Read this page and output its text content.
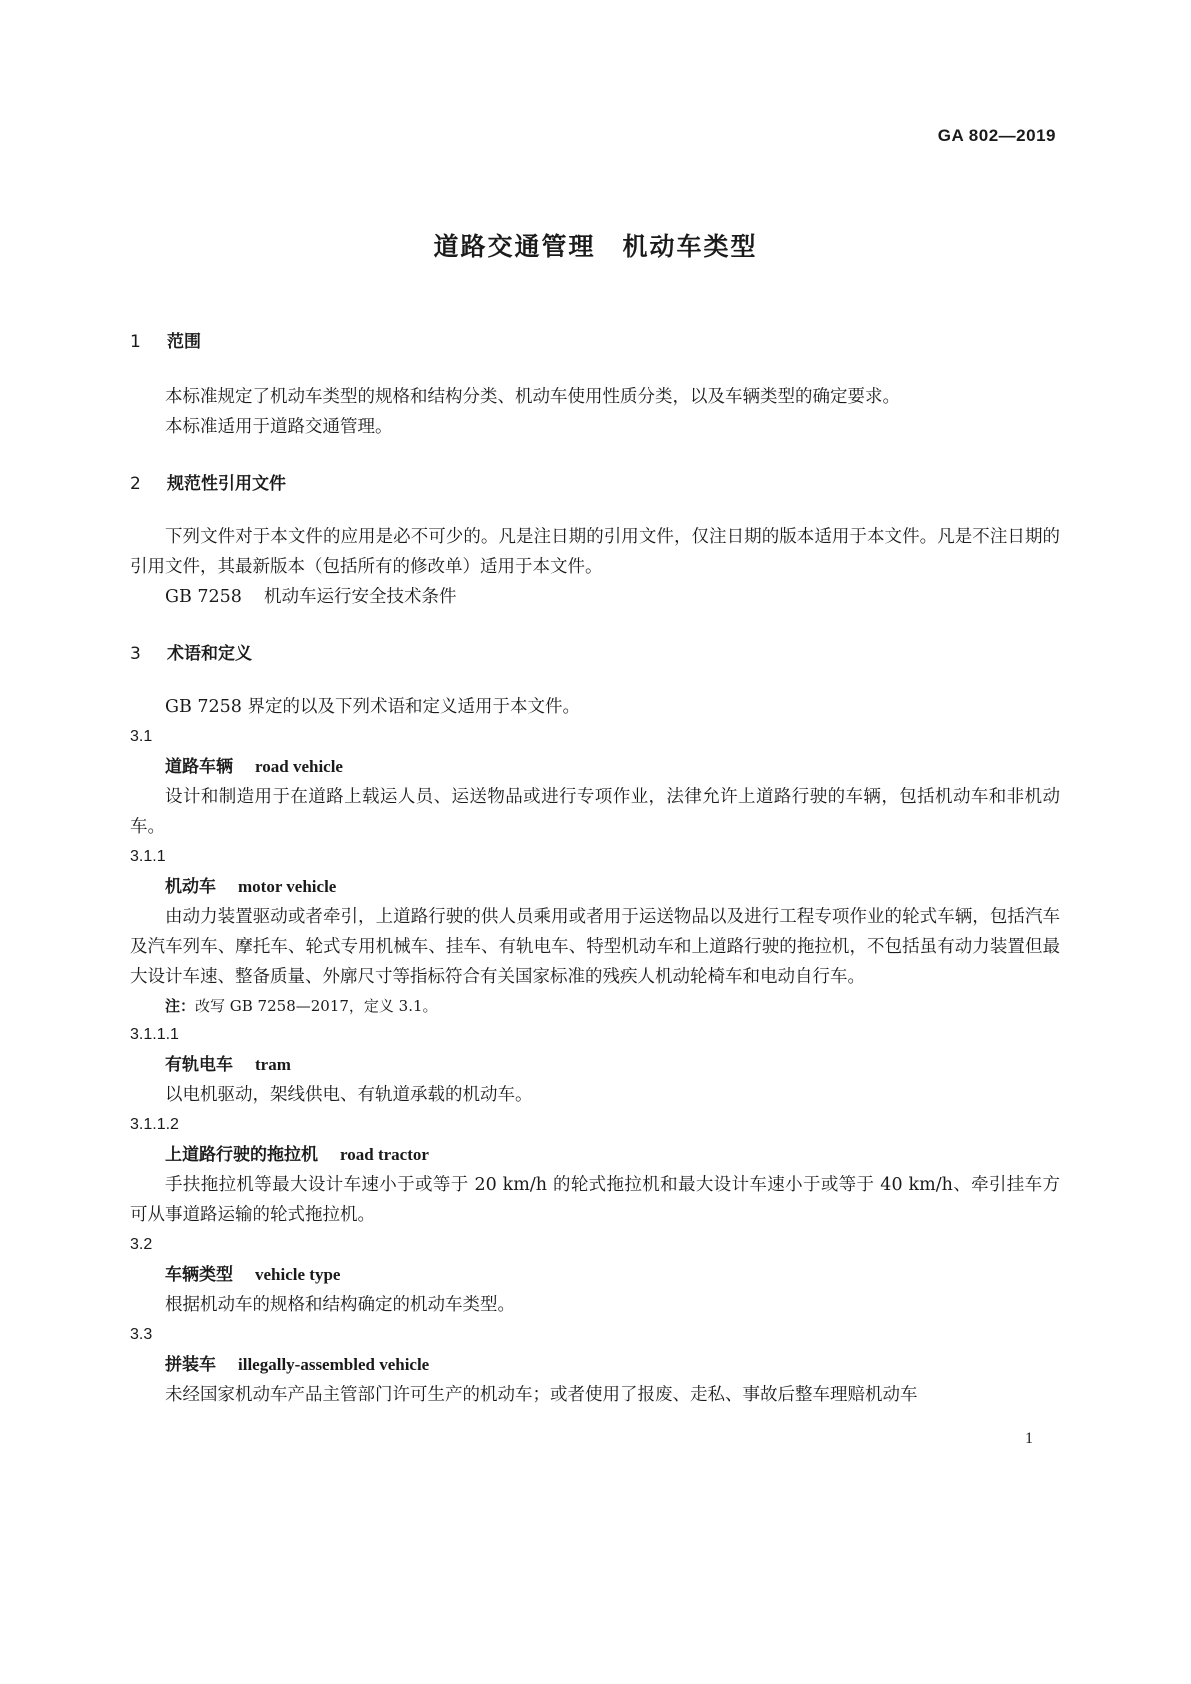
GA 802—2019
道路交通管理　机动车类型
1 范围
本标准规定了机动车类型的规格和结构分类、机动车使用性质分类，以及车辆类型的确定要求。
本标准适用于道路交通管理。
2 规范性引用文件
下列文件对于本文件的应用是必不可少的。凡是注日期的引用文件，仅注日期的版本适用于本文件。凡是不注日期的引用文件，其最新版本（包括所有的修改单）适用于本文件。
GB 7258 机动车运行安全技术条件
3 术语和定义
GB 7258 界定的以及下列术语和定义适用于本文件。
3.1
道路车辆 road vehicle
设计和制造用于在道路上载运人员、运送物品或进行专项作业，法律允许上道路行驶的车辆，包括机动车和非机动车。
3.1.1
机动车 motor vehicle
由动力装置驱动或者牵引，上道路行驶的供人员乘用或者用于运送物品以及进行工程专项作业的轮式车辆，包括汽车及汽车列车、摩托车、轮式专用机械车、挂车、有轨电车、特型机动车和上道路行驶的拖拉机，不包括虽有动力装置但最大设计车速、整备质量、外廓尺寸等指标符合有关国家标准的残疾人机动轮椅车和电动自行车。
注：改写 GB 7258—2017，定义 3.1。
3.1.1.1
有轨电车 tram
以电机驱动，架线供电、有轨道承载的机动车。
3.1.1.2
上道路行驶的拖拉机 road tractor
手扶拖拉机等最大设计车速小于或等于 20 km/h 的轮式拖拉机和最大设计车速小于或等于 40 km/h、牵引挂车方可从事道路运输的轮式拖拉机。
3.2
车辆类型 vehicle type
根据机动车的规格和结构确定的机动车类型。
3.3
拼装车 illegally-assembled vehicle
未经国家机动车产品主管部门许可生产的机动车；或者使用了报废、走私、事故后整车理赔机动车
1
